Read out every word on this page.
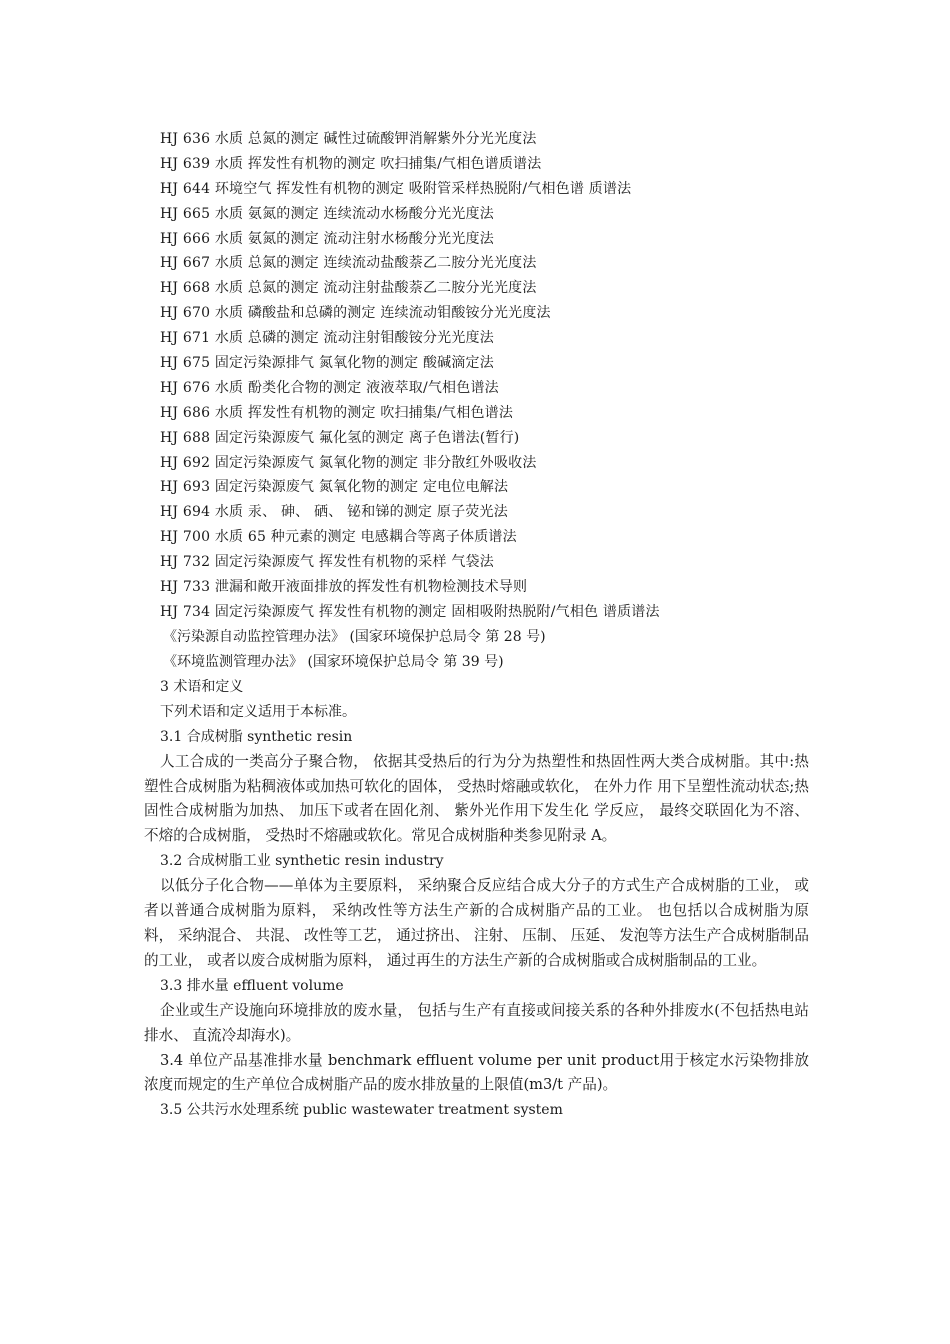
HJ 636 水质 总氮的测定 碱性过硫酸钾消解紫外分光光度法
HJ 639 水质 挥发性有机物的测定 吹扫捕集/气相色谱质谱法
HJ 644 环境空气 挥发性有机物的测定 吸附管采样热脱附/气相色谱 质谱法
HJ 665 水质 氨氮的测定 连续流动水杨酸分光光度法
HJ 666 水质 氨氮的测定 流动注射水杨酸分光光度法
HJ 667 水质 总氮的测定 连续流动盐酸萘乙二胺分光光度法
HJ 668 水质 总氮的测定 流动注射盐酸萘乙二胺分光光度法
HJ 670 水质 磷酸盐和总磷的测定 连续流动钼酸铵分光光度法
HJ 671 水质 总磷的测定 流动注射钼酸铵分光光度法
HJ 675 固定污染源排气 氮氧化物的测定 酸碱滴定法
HJ 676 水质 酚类化合物的测定 液液萃取/气相色谱法
HJ 686 水质 挥发性有机物的测定 吹扫捕集/气相色谱法
HJ 688 固定污染源废气 氟化氢的测定 离子色谱法(暂行)
HJ 692 固定污染源废气 氮氧化物的测定 非分散红外吸收法
HJ 693 固定污染源废气 氮氧化物的测定 定电位电解法
HJ 694 水质 汞、 砷、 硒、 铋和锑的测定 原子荧光法
HJ 700 水质 65 种元素的测定 电感耦合等离子体质谱法
HJ 732 固定污染源废气 挥发性有机物的采样 气袋法
HJ 733 泄漏和敞开液面排放的挥发性有机物检测技术导则
HJ 734 固定污染源废气 挥发性有机物的测定 固相吸附热脱附/气相色 谱质谱法
《污染源自动监控管理办法》 (国家环境保护总局令 第 28 号)
《环境监测管理办法》 (国家环境保护总局令 第 39 号)
3 术语和定义
下列术语和定义适用于本标准。
3.1 合成树脂 synthetic resin

人工合成的一类高分子聚合物， 依据其受热后的行为分为热塑性和热固性两大类合成树脂。其中:热塑性合成树脂为粘稠液体或加热可软化的固体， 受热时熔融或软化， 在外力作 用下呈塑性流动状态;热固性合成树脂为加热、 加压下或者在固化剂、 紫外光作用下发生化 学反应， 最终交联固化为不溶、 不熔的合成树脂， 受热时不熔融或软化。常见合成树脂种类参见附录 A。

3.2 合成树脂工业 synthetic resin industry

以低分子化合物——单体为主要原料， 采纳聚合反应结合成大分子的方式生产合成树脂的工业， 或者以普通合成树脂为原料， 采纳改性等方法生产新的合成树脂产品的工业。 也包括以合成树脂为原料， 采纳混合、 共混、 改性等工艺， 通过挤出、 注射、 压制、 压延、 发泡等方法生产合成树脂制品的工业， 或者以废合成树脂为原料， 通过再生的方法生产新的合成树脂或合成树脂制品的工业。

3.3 排水量 effluent volume

企业或生产设施向环境排放的废水量， 包括与生产有直接或间接关系的各种外排废水(不包括热电站排水、 直流冷却海水)。

3.4 单位产品基准排水量 benchmark effluent volume per unit product用于核定水污染物排放浓度而规定的生产单位合成树脂产品的废水排放量的上限值(m3/t 产品)。

3.5 公共污水处理系统 public wastewater treatment system
